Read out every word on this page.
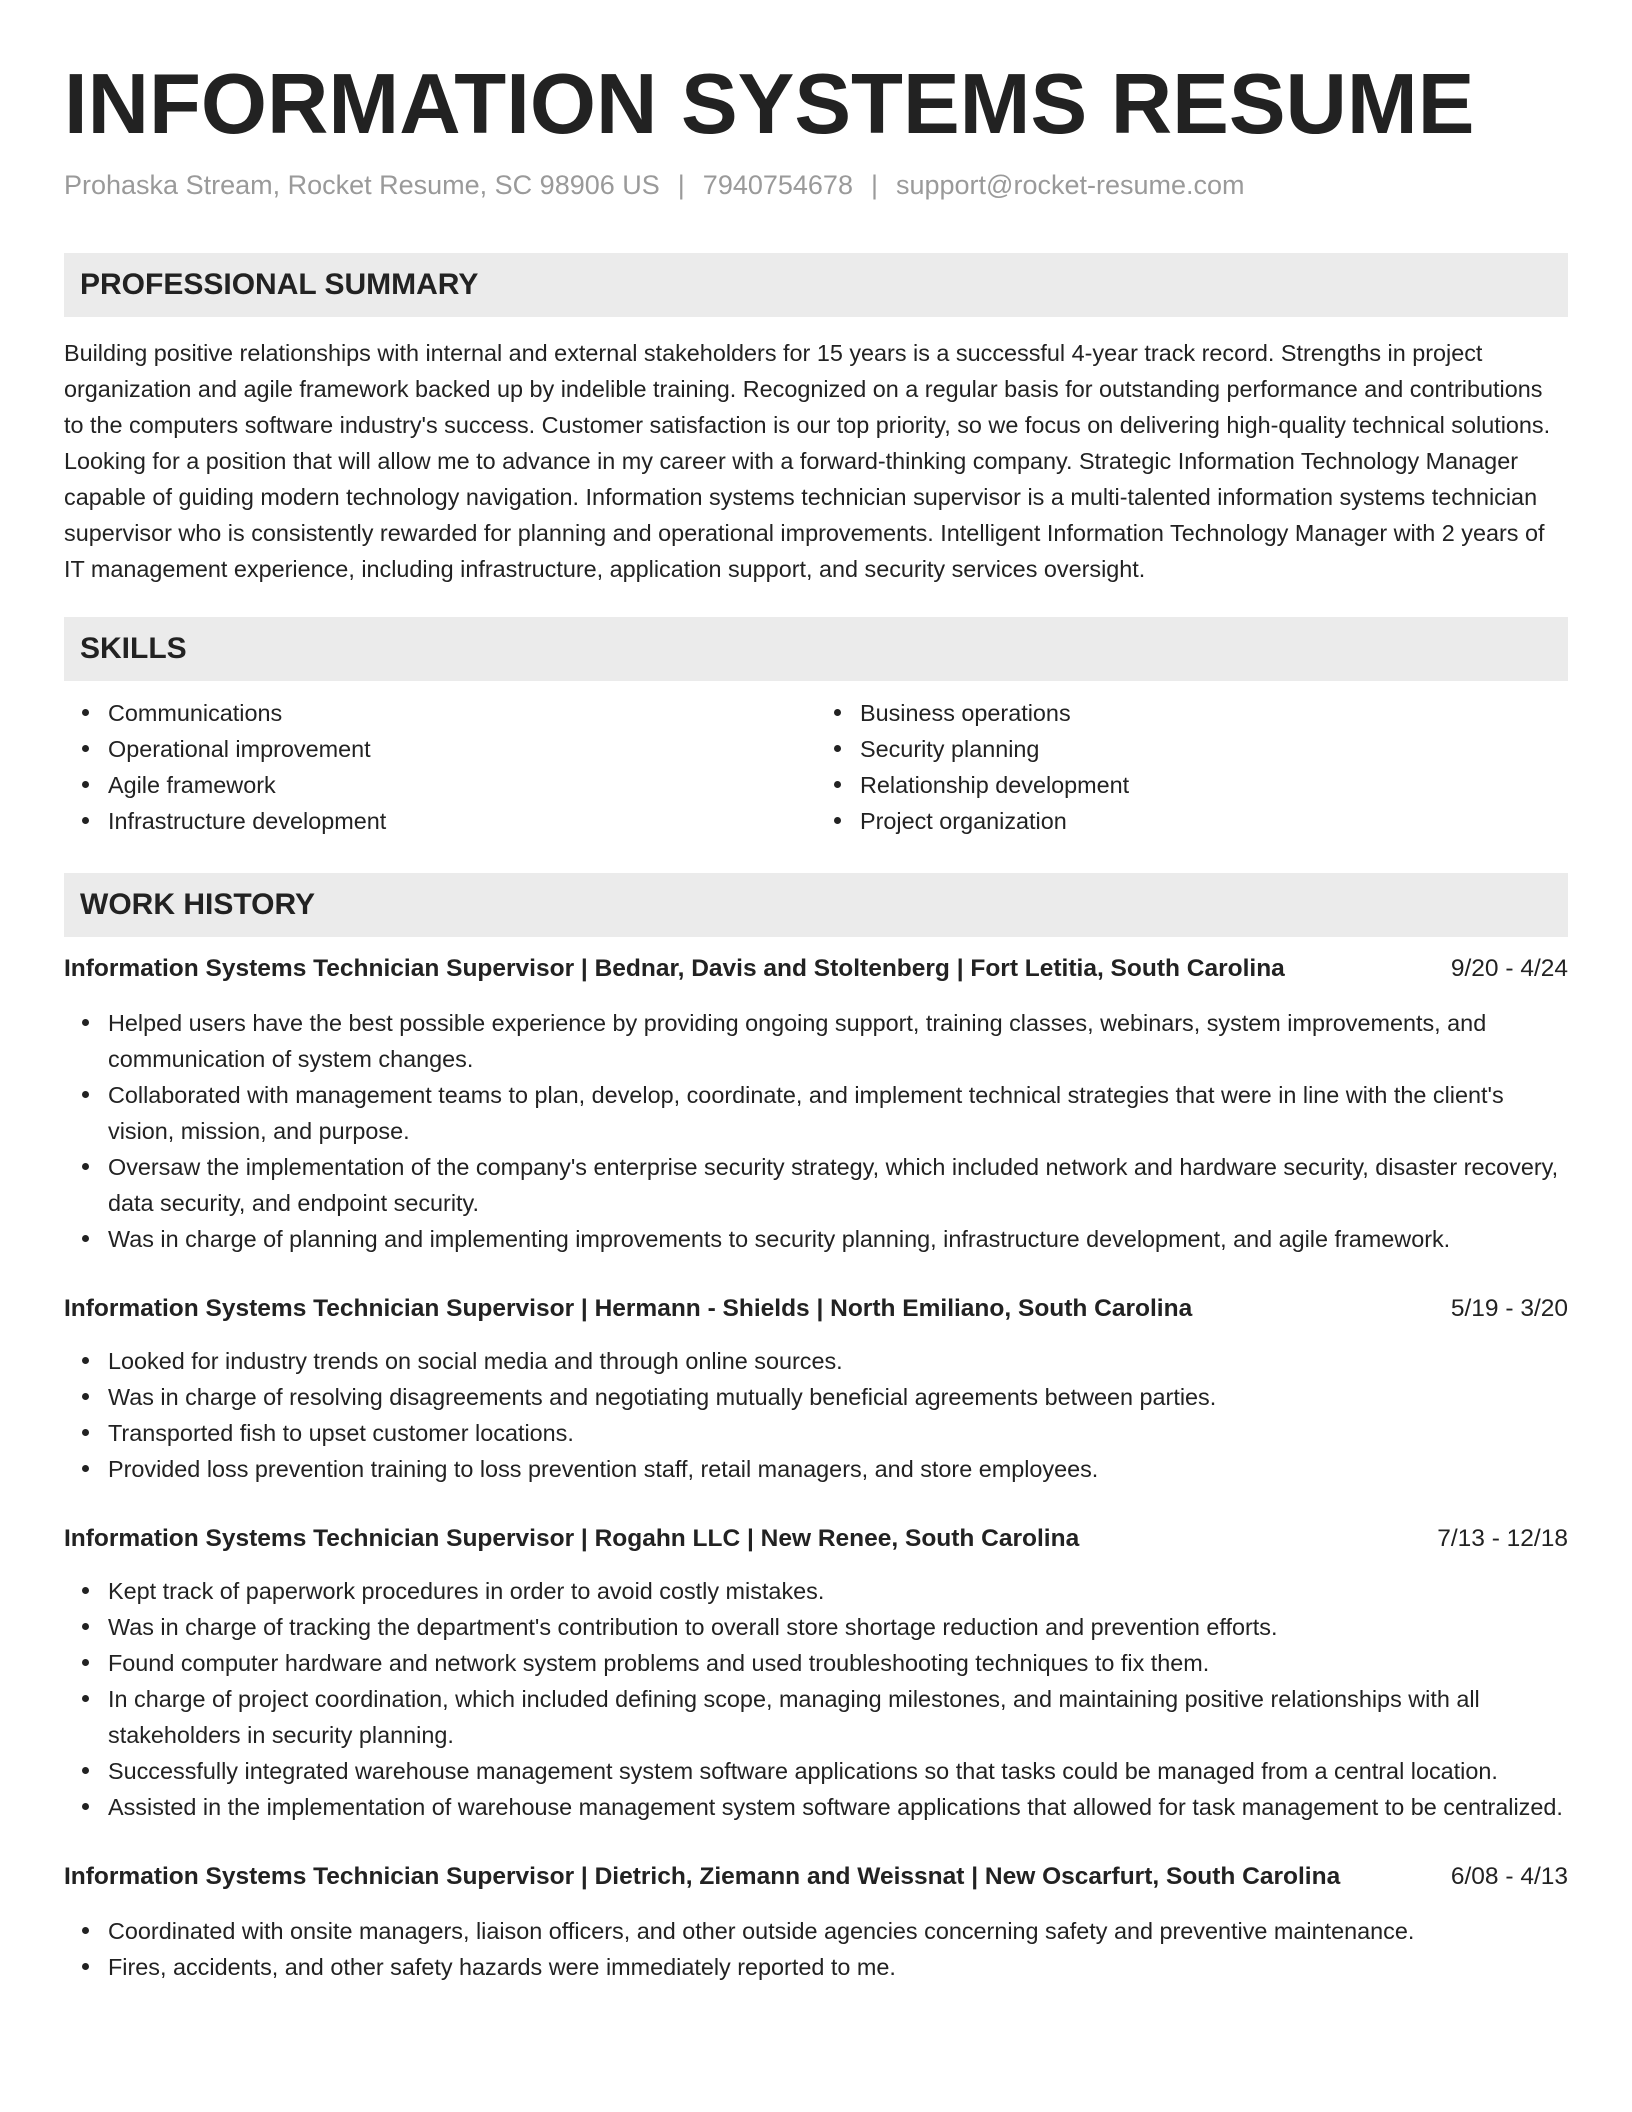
INFORMATION SYSTEMS RESUME
Prohaska Stream, Rocket Resume, SC 98906 US | 7940754678 | support@rocket-resume.com
PROFESSIONAL SUMMARY

Building positive relationships with internal and external stakeholders for 15 years is a successful 4-year track record. Strengths in project organization and agile framework backed up by indelible training. Recognized on a regular basis for outstanding performance and contributions to the computers software industry's success. Customer satisfaction is our top priority, so we focus on delivering high-quality technical solutions. Looking for a position that will allow me to advance in my career with a forward-thinking company. Strategic Information Technology Manager capable of guiding modern technology navigation. Information systems technician supervisor is a multi-talented information systems technician supervisor who is consistently rewarded for planning and operational improvements. Intelligent Information Technology Manager with 2 years of IT management experience, including infrastructure, application support, and security services oversight.

SKILLS
Communications
Operational improvement
Agile framework
Infrastructure development
Business operations
Security planning
Relationship development
Project organization
WORK HISTORY
Information Systems Technician Supervisor | Bednar, Davis and Stoltenberg | Fort Letitia, South Carolina	9/20 - 4/24
Helped users have the best possible experience by providing ongoing support, training classes, webinars, system improvements, and communication of system changes.
Collaborated with management teams to plan, develop, coordinate, and implement technical strategies that were in line with the client's vision, mission, and purpose.
Oversaw the implementation of the company's enterprise security strategy, which included network and hardware security, disaster recovery, data security, and endpoint security.
Was in charge of planning and implementing improvements to security planning, infrastructure development, and agile framework.
Information Systems Technician Supervisor | Hermann - Shields | North Emiliano, South Carolina	5/19 - 3/20
Looked for industry trends on social media and through online sources.
Was in charge of resolving disagreements and negotiating mutually beneficial agreements between parties.
Transported fish to upset customer locations.
Provided loss prevention training to loss prevention staff, retail managers, and store employees.
Information Systems Technician Supervisor | Rogahn LLC | New Renee, South Carolina	7/13 - 12/18
Kept track of paperwork procedures in order to avoid costly mistakes.
Was in charge of tracking the department's contribution to overall store shortage reduction and prevention efforts.
Found computer hardware and network system problems and used troubleshooting techniques to fix them.
In charge of project coordination, which included defining scope, managing milestones, and maintaining positive relationships with all stakeholders in security planning.
Successfully integrated warehouse management system software applications so that tasks could be managed from a central location.
Assisted in the implementation of warehouse management system software applications that allowed for task management to be centralized.
Information Systems Technician Supervisor | Dietrich, Ziemann and Weissnat | New Oscarfurt, South Carolina	6/08 - 4/13
Coordinated with onsite managers, liaison officers, and other outside agencies concerning safety and preventive maintenance.
Fires, accidents, and other safety hazards were immediately reported to me.
